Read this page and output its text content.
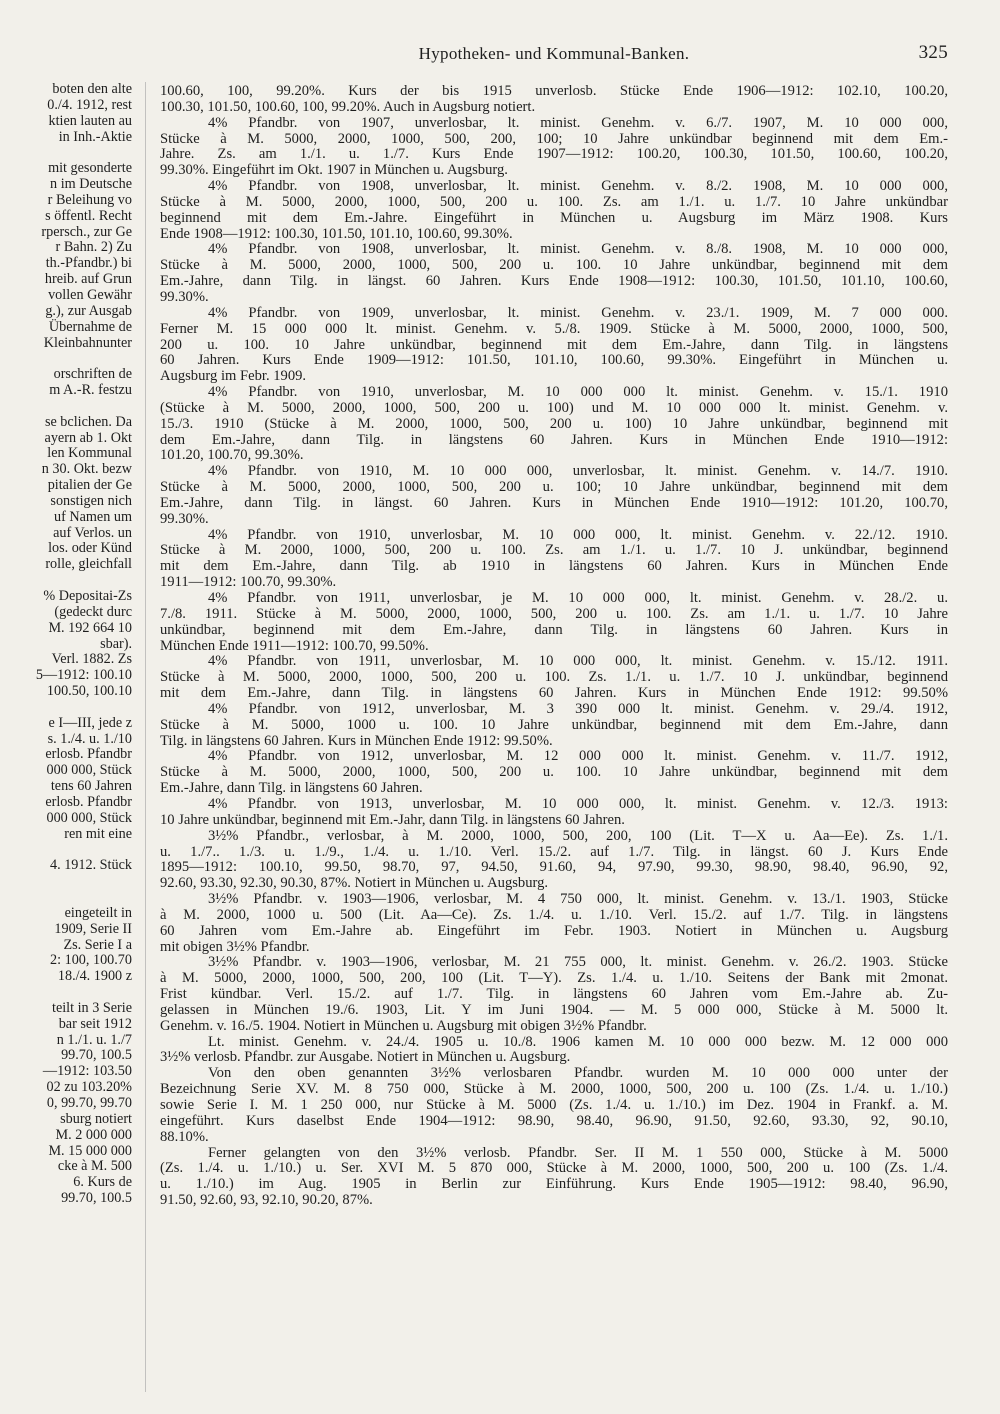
Hypotheken- und Kommunal-Banken.	325
boten den alte
0./4. 1912, rest
ktien lauten au
in Inh.-Aktie
mit gesonderte
n im Deutsche
r Beleihung vo
s öffentl. Recht
rpersch., zur Ge
r Bahn. 2) Zu
th.-Pfandbr.) bi
hreib. auf Grun
vollen Gewähr
g.), zur Ausgab
Übernahme de
Kleinbahnunter
orschriften de
m A.-R. festzu
se bclichen. Da
ayern ab 1. Okt
len Kommunal
n 30. Okt. bezw
pitalien der Ge
sonstigen nich
uf Namen um
auf Verlos. un
los. oder Künd
rolle, gleichfall
% Depositai-Zs
(gedeckt durc
M. 192 664 10
sbar).
Verl. 1882. Zs
5—1912: 100.10
100.50, 100.10
e I—III, jede z
s. 1./4. u. 1./10
erlosb. Pfandbr
000 000, Stück
tens 60 Jahren
erlosb. Pfandbr
000 000, Stück
ren mit eine
4. 1912. Stück
eingeteilt in
1909, Serie II
Zs. Serie I a
2: 100, 100.70
18./4. 1900 z
teilt in 3 Serie
bar seit 1912
n 1./1. u. 1./7
99.70, 100.5
—1912: 103.50
02 zu 103.20%
0, 99.70, 99.70
sburg notiert
M. 2 000 000
M. 15 000 000
cke à M. 500
6. Kurs de
99.70, 100.5
100.60, 100, 99.20%. Kurs der bis 1915 unverlosb. Stücke Ende 1906—1912: 102.10, 100.20,
100.30, 101.50, 100.60, 100, 99.20%. Auch in Augsburg notiert.
4% Pfandbr. von 1907, unverlosbar, lt. minist. Genehm. v. 6./7. 1907, M. 10 000 000,
Stücke à M. 5000, 2000, 1000, 500, 200, 100; 10 Jahre unkündbar beginnend mit dem Em.-
Jahre. Zs. am 1./1. u. 1./7. Kurs Ende 1907—1912: 100.20, 100.30, 101.50, 100.60, 100.20,
99.30%. Eingeführt im Okt. 1907 in München u. Augsburg.
4% Pfandbr. von 1908, unverlosbar, lt. minist. Genehm. v. 8./2. 1908, M. 10 000 000,
Stücke à M. 5000, 2000, 1000, 500, 200 u. 100. Zs. am 1./1. u. 1./7. 10 Jahre unkündbar
beginnend mit dem Em.-Jahre. Eingeführt in München u. Augsburg im März 1908. Kurs
Ende 1908—1912: 100.30, 101.50, 101.10, 100.60, 99.30%.
4% Pfandbr. von 1908, unverlosbar, lt. minist. Genehm. v. 8./8. 1908, M. 10 000 000,
Stücke à M. 5000, 2000, 1000, 500, 200 u. 100. 10 Jahre unkündbar, beginnend mit dem
Em.-Jahre, dann Tilg. in längst. 60 Jahren. Kurs Ende 1908—1912: 100.30, 101.50, 101.10, 100.60,
99.30%.
4% Pfandbr. von 1909, unverlosbar, lt. minist. Genehm. v. 23./1. 1909, M. 7 000 000.
Ferner M. 15 000 000 lt. minist. Genehm. v. 5./8. 1909. Stücke à M. 5000, 2000, 1000, 500,
200 u. 100. 10 Jahre unkündbar, beginnend mit dem Em.-Jahre, dann Tilg. in längstens
60 Jahren. Kurs Ende 1909—1912: 101.50, 101.10, 100.60, 99.30%. Eingeführt in München u.
Augsburg im Febr. 1909.
4% Pfandbr. von 1910, unverlosbar, M. 10 000 000 lt. minist. Genehm. v. 15./1. 1910
(Stücke à M. 5000, 2000, 1000, 500, 200 u. 100) und M. 10 000 000 lt. minist. Genehm. v.
15./3. 1910 (Stücke à M. 2000, 1000, 500, 200 u. 100) 10 Jahre unkündbar, beginnend mit
dem Em.-Jahre, dann Tilg. in längstens 60 Jahren. Kurs in München Ende 1910—1912:
101.20, 100.70, 99.30%.
4% Pfandbr. von 1910, M. 10 000 000, unverlosbar, lt. minist. Genehm. v. 14./7. 1910.
Stücke à M. 5000, 2000, 1000, 500, 200 u. 100; 10 Jahre unkündbar, beginnend mit dem
Em.-Jahre, dann Tilg. in längst. 60 Jahren. Kurs in München Ende 1910—1912: 101.20, 100.70,
99.30%.
4% Pfandbr. von 1910, unverlosbar, M. 10 000 000, lt. minist. Genehm. v. 22./12. 1910.
Stücke à M. 2000, 1000, 500, 200 u. 100. Zs. am 1./1. u. 1./7. 10 J. unkündbar, beginnend
mit dem Em.-Jahre, dann Tilg. ab 1910 in längstens 60 Jahren. Kurs in München Ende
1911—1912: 100.70, 99.30%.
4% Pfandbr. von 1911, unverlosbar, je M. 10 000 000, lt. minist. Genehm. v. 28./2. u.
7./8. 1911. Stücke à M. 5000, 2000, 1000, 500, 200 u. 100. Zs. am 1./1. u. 1./7. 10 Jahre
unkündbar, beginnend mit dem Em.-Jahre, dann Tilg. in längstens 60 Jahren. Kurs in
München Ende 1911—1912: 100.70, 99.50%.
4% Pfandbr. von 1911, unverlosbar, M. 10 000 000, lt. minist. Genehm. v. 15./12. 1911.
Stücke à M. 5000, 2000, 1000, 500, 200 u. 100. Zs. 1./1. u. 1./7. 10 J. unkündbar, beginnend
mit dem Em.-Jahre, dann Tilg. in längstens 60 Jahren. Kurs in München Ende 1912: 99.50%
4% Pfandbr. von 1912, unverlosbar, M. 3 390 000 lt. minist. Genehm. v. 29./4. 1912,
Stücke à M. 5000, 1000 u. 100. 10 Jahre unkündbar, beginnend mit dem Em.-Jahre, dann
Tilg. in längstens 60 Jahren. Kurs in München Ende 1912: 99.50%.
4% Pfandbr. von 1912, unverlosbar, M. 12 000 000 lt. minist. Genehm. v. 11./7. 1912,
Stücke à M. 5000, 2000, 1000, 500, 200 u. 100. 10 Jahre unkündbar, beginnend mit dem
Em.-Jahre, dann Tilg. in längstens 60 Jahren.
4% Pfandbr. von 1913, unverlosbar, M. 10 000 000, lt. minist. Genehm. v. 12./3. 1913:
10 Jahre unkündbar, beginnend mit Em.-Jahr, dann Tilg. in längstens 60 Jahren.
3½% Pfandbr., verlosbar, à M. 2000, 1000, 500, 200, 100 (Lit. T—X u. Aa—Ee). Zs. 1./1.
u. 1./7.. 1./3. u. 1./9., 1./4. u. 1./10. Verl. 15./2. auf 1./7. Tilg. in längst. 60 J. Kurs Ende
1895—1912: 100.10, 99.50, 98.70, 97, 94.50, 91.60, 94, 97.90, 99.30, 98.90, 98.40, 96.90, 92,
92.60, 93.30, 92.30, 90.30, 87%. Notiert in München u. Augsburg.
3½% Pfandbr. v. 1903—1906, verlosbar, M. 4 750 000, lt. minist. Genehm. v. 13./1. 1903, Stücke
à M. 2000, 1000 u. 500 (Lit. Aa—Ce). Zs. 1./4. u. 1./10. Verl. 15./2. auf 1./7. Tilg. in längstens
60 Jahren vom Em.-Jahre ab. Eingeführt im Febr. 1903. Notiert in München u. Augsburg
mit obigen 3½% Pfandbr.
3½% Pfandbr. v. 1903—1906, verlosbar, M. 21 755 000, lt. minist. Genehm. v. 26./2. 1903. Stücke
à M. 5000, 2000, 1000, 500, 200, 100 (Lit. T—Y). Zs. 1./4. u. 1./10. Seitens der Bank mit 2monat.
Frist kündbar. Verl. 15./2. auf 1./7. Tilg. in längstens 60 Jahren vom Em.-Jahre ab. Zu-
gelassen in München 19./6. 1903, Lit. Y im Juni 1904. — M. 5 000 000, Stücke à M. 5000 lt.
Genehm. v. 16./5. 1904. Notiert in München u. Augsburg mit obigen 3½% Pfandbr.
Lt. minist. Genehm. v. 24./4. 1905 u. 10./8. 1906 kamen M. 10 000 000 bezw. M. 12 000 000
3½% verlosb. Pfandbr. zur Ausgabe. Notiert in München u. Augsburg.
Von den oben genannten 3½% verlosbaren Pfandbr. wurden M. 10 000 000 unter der
Bezeichnung Serie XV. M. 8 750 000, Stücke à M. 2000, 1000, 500, 200 u. 100 (Zs. 1./4. u. 1./10.)
sowie Serie I. M. 1 250 000, nur Stücke à M. 5000 (Zs. 1./4. u. 1./10.) im Dez. 1904 in Frankf. a. M.
eingeführt. Kurs daselbst Ende 1904—1912: 98.90, 98.40, 96.90, 91.50, 92.60, 93.30, 92, 90.10,
88.10%.
Ferner gelangten von den 3½% verlosb. Pfandbr. Ser. II M. 1 550 000, Stücke à M. 5000
(Zs. 1./4. u. 1./10.) u. Ser. XVI M. 5 870 000, Stücke à M. 2000, 1000, 500, 200 u. 100 (Zs. 1./4.
u. 1./10.) im Aug. 1905 in Berlin zur Einführung. Kurs Ende 1905—1912: 98.40, 96.90,
91.50, 92.60, 93, 92.10, 90.20, 87%.
